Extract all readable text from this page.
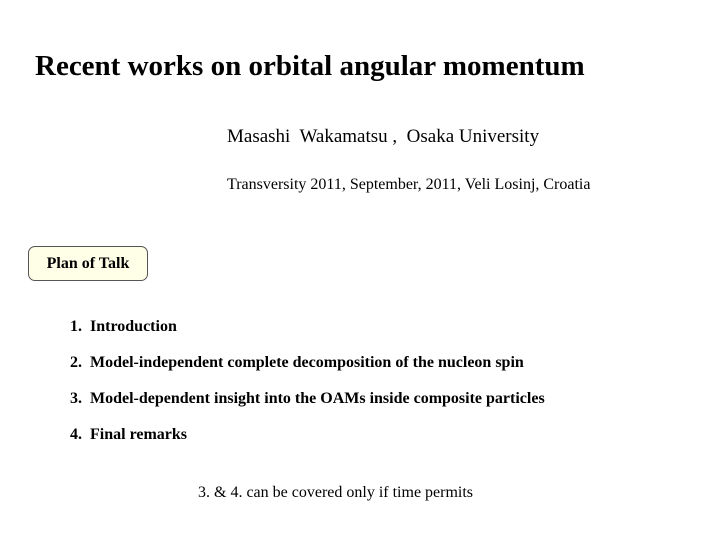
Recent works on orbital angular momentum
Masashi  Wakamatsu ,  Osaka University
Transversity 2011, September, 2011, Veli Losinj, Croatia
Plan of Talk
1.  Introduction
2.  Model-independent complete decomposition of the nucleon spin
3.  Model-dependent insight into the OAMs inside composite particles
4.  Final remarks
3. & 4. can be covered only if time permits
